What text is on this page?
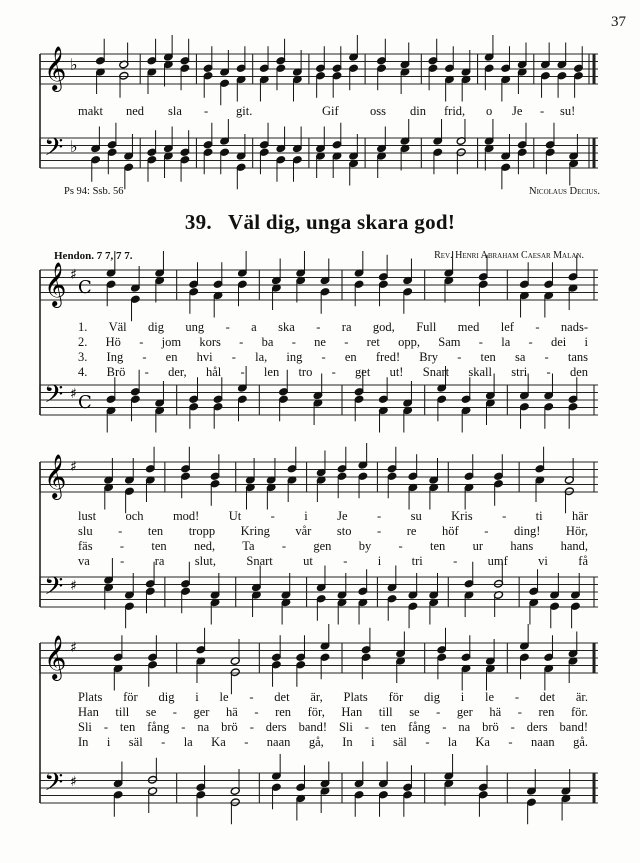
37
𝄞 ♭
𝄢 ♭
𝄞 ♯
C
𝄢 ♯ C
𝄞 ♯
𝄢 ♯
𝄞 ♯
𝄢 ♯
makt ned sla - git.	Gif	oss din frid, o Je - su!
Ps 94: Ssb. 56	Nicolaus Decius.
39. Väl dig, unga skara god!
Hendon. 7 7, 7 7.	Rev. Henri Abraham Caesar Malan.
1. Väl dig ung - a ska - ra god, Full med lef - nads-
2. Hö - jom kors - ba - ne - ret opp, Sam - la - dei i
3. Ing - en hvi - la, ing - en fred! Bry - ten sa - tans
4. Brö - der, hål - len tro - get ut! Snart skall stri - den
lust och mod! Ut - i Je - su Kris - ti här
slu - ten tropp Kring vår sto - re höf - ding! Hör,
fäs - ten ned, Ta - gen by - ten ur hans hand,
va - ra slut, Snart ut - i tri - umf vi få
Plats för dig i le - det är, Plats för dig i le - det är.
Han till se - ger hä - ren för, Han till se - ger hä - ren för.
Sli - ten fång - na brö - ders band! Sli - ten fång - na brö - ders band!
In i säl - la Ka - naan gå, In i säl - la Ka - naan gå.
